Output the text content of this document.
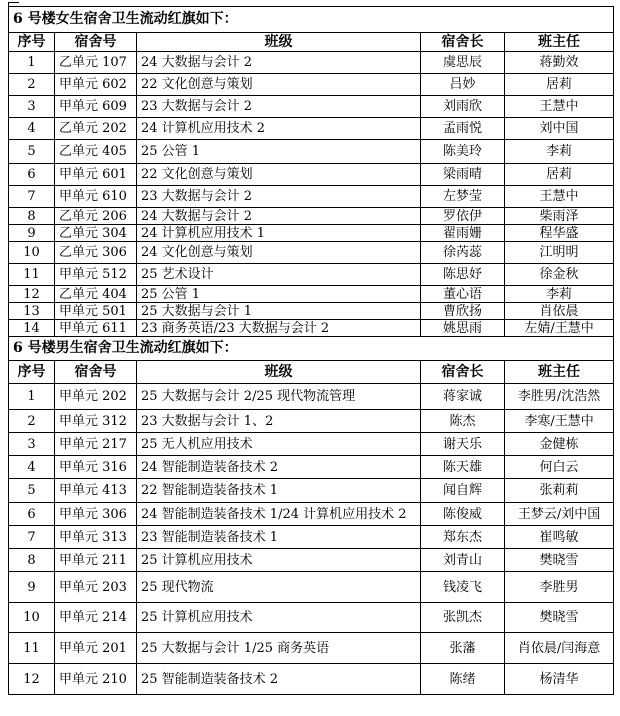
6 号楼女生宿舍卫生流动红旗如下：				
序号	宿舍号	班级	宿舍长	班主任
1	乙单元 107	24 大数据与会计 2	虞思辰	蒋勤效
2	甲单元 602	22 文化创意与策划	吕妙	居莉
3	甲单元 609	23 大数据与会计 2	刘雨欣	王慧中
4	乙单元 202	24 计算机应用技术 2	孟雨悦	刘中国
5	乙单元 405	25 公管 1	陈美玲	李莉
6	甲单元 601	22 文化创意与策划	梁雨晴	居莉
7	甲单元 610	23 大数据与会计 2	左梦莹	王慧中
8	乙单元 206	24 大数据与会计 2	罗依伊	柴雨泽
9	乙单元 304	24 计算机应用技术 1	翟雨姗	程华盛
10	乙单元 306	24 文化创意与策划	徐芮蕊	江明明
11	甲单元 512	25 艺术设计	陈思妤	徐金秋
12	乙单元 404	25 公管 1	董心语	李莉
13	甲单元 501	25 大数据与会计 1	曹欣扬	肖依晨
14	甲单元 611	23 商务英语/23 大数据与会计 2	姚思雨	左婧/王慧中
6 号楼男生宿舍卫生流动红旗如下：				
序号	宿舍号	班级	宿舍长	班主任
1	甲单元 202	25 大数据与会计 2/25 现代物流管理	蒋家诚	李胜男/沈浩然
2	甲单元 312	23 大数据与会计 1、2	陈杰	李寒/王慧中
3	甲单元 217	25 无人机应用技术	谢天乐	金健栋
4	甲单元 316	24 智能制造装备技术 2	陈天雄	何白云
5	甲单元 413	22 智能制造装备技术 1	闻自辉	张莉莉
6	甲单元 306	24 智能制造装备技术 1/24 计算机应用技术 2	陈俊威	王梦云/刘中国
7	甲单元 313	23 智能制造装备技术 1	郑东杰	崔鸣敏
8	甲单元 211	25 计算机应用技术	刘青山	樊晓雪
9	甲单元 203	25 现代物流	钱凌飞	李胜男
10	甲单元 214	25 计算机应用技术	张凯杰	樊晓雪
11	甲单元 201	25 大数据与会计 1/25 商务英语	张藩	肖依晨/闫海意
12	甲单元 210	25 智能制造装备技术 2	陈绪	杨清华
